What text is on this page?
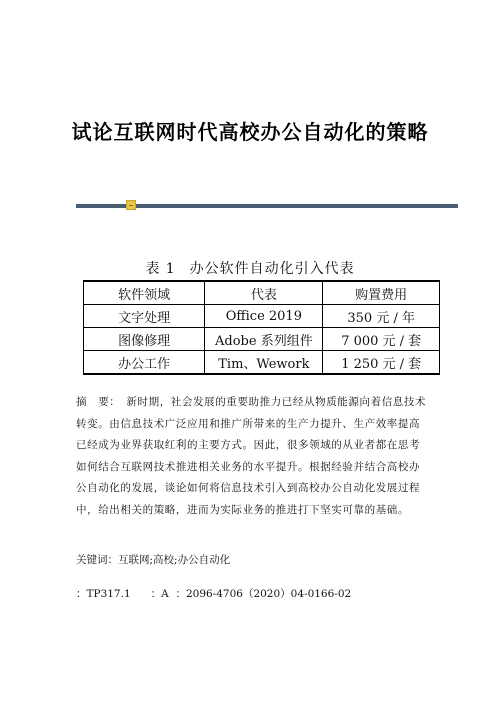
试论互联网时代高校办公自动化的策略
表 1 办公软件自动化引入代表
软件领域	代表	购置费用
文字处理	Office 2019	350 元 / 年
图像修理	Adobe 系列组件	7 000 元 / 套
办公工作	Tim、Wework	1 250 元 / 套
摘　要： 新时期，社会发展的重要助推力已经从物质能源向着信息技术转变。由信息技术广泛应用和推广所带来的生产力提升、生产效率提高已经成为业界获取红利的主要方式。因此，很多领域的从业者都在思考如何结合互联网技术推进相关业务的水平提升。根据经验并结合高校办公自动化的发展，谈论如何将信息技术引入到高校办公自动化发展过程中，给出相关的策略，进而为实际业务的推进打下坚实可靠的基础。
关键词：互联网;高校;办公自动化
：TP317.1 ：A ：2096-4706（2020）04-0166-02
